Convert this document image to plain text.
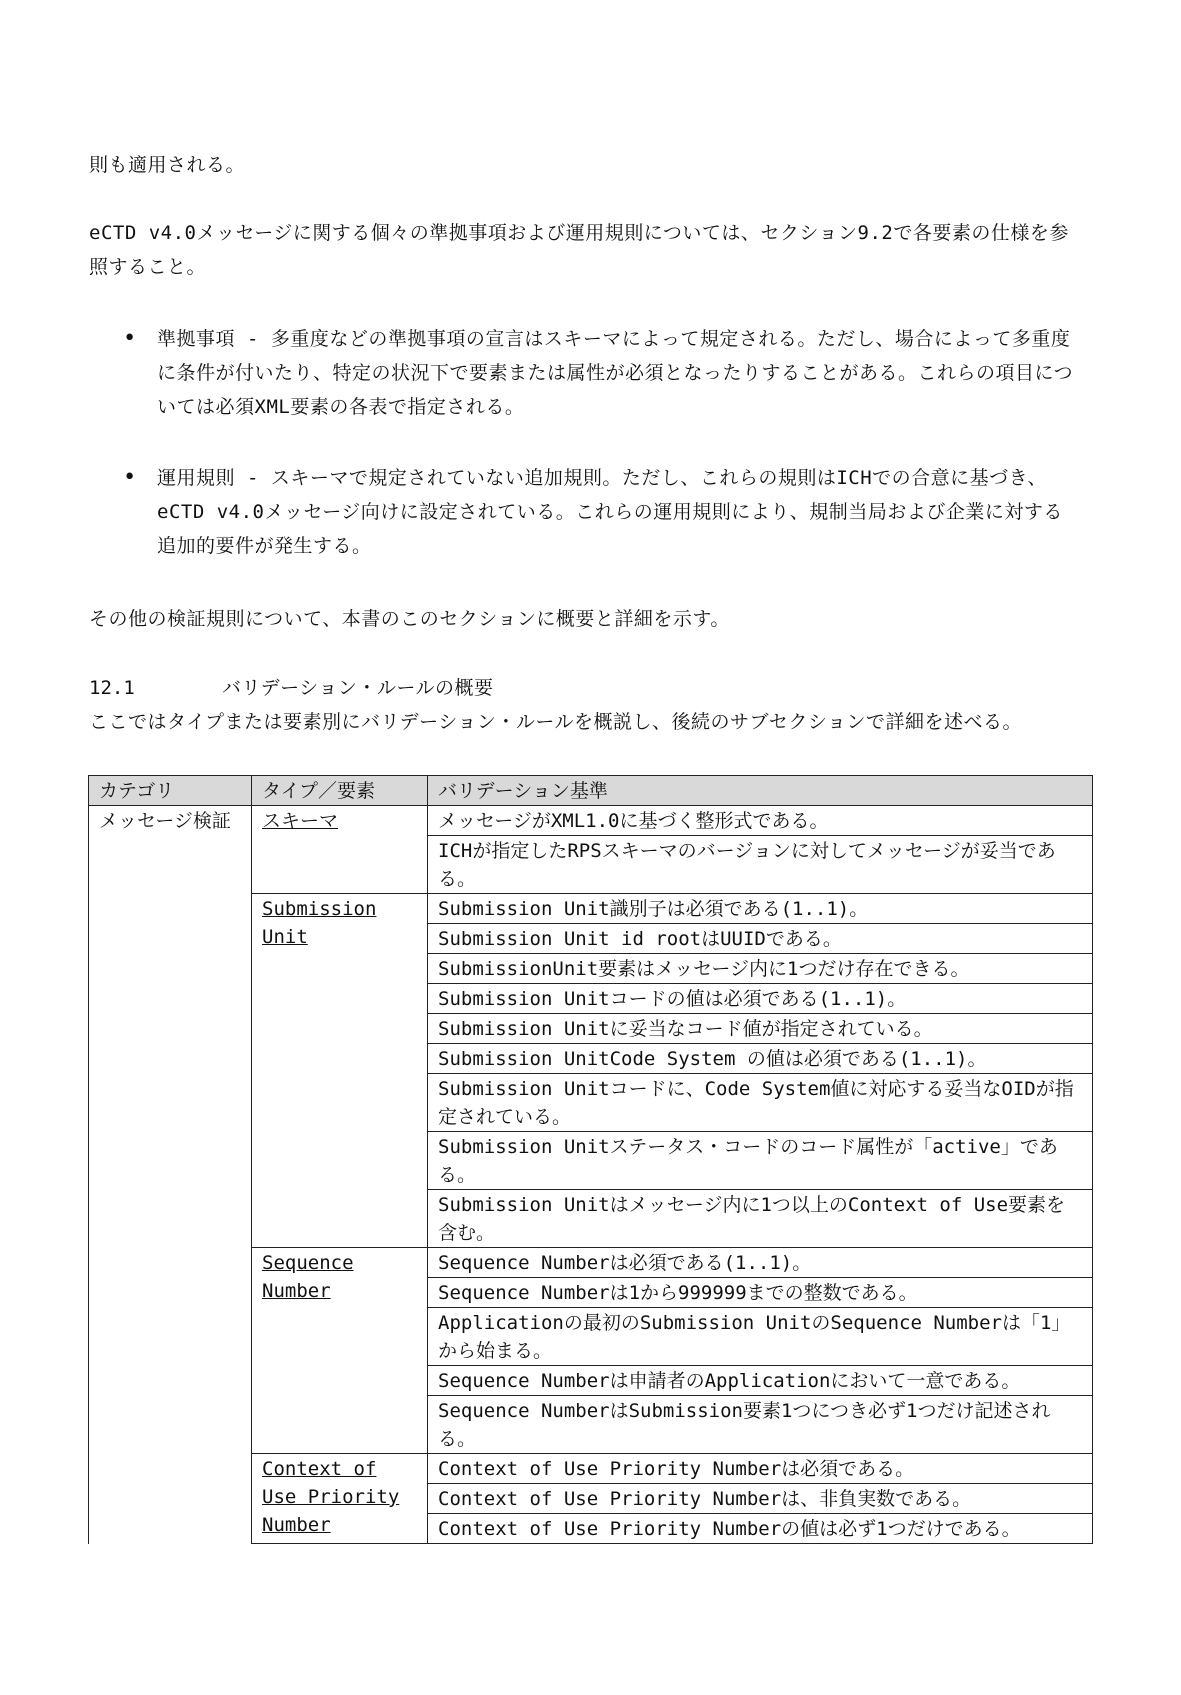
則も適用される。

eCTD v4.0メッセージに関する個々の準拠事項および運用規則については、セクション9.2で各要素の仕様を参照すること。

•	準拠事項 - 多重度などの準拠事項の宣言はスキーマによって規定される。ただし、場合によって多重度に条件が付いたり、特定の状況下で要素または属性が必須となったりすることがある。これらの項目については必須XML要素の各表で指定される。

•	運用規則 - スキーマで規定されていない追加規則。ただし、これらの規則はICHでの合意に基づき、eCTD v4.0メッセージ向けに設定されている。これらの運用規則により、規制当局および企業に対する追加的要件が発生する。

その他の検証規則について、本書のこのセクションに概要と詳細を示す。

12.1	バリデーション・ルールの概要

ここではタイプまたは要素別にバリデーション・ルールを概説し、後続のサブセクションで詳細を述べる。

カテゴリ	タイプ／要素	バリデーション基準
メッセージ検証	スキーマ	メッセージがXML1.0に基づく整形式である。
		ICHが指定したRPSスキーマのバージョンに対してメッセージが妥当である。
	Submission Unit	Submission Unit識別子は必須である(1..1)。
		Submission Unit id rootはUUIDである。
		SubmissionUnit要素はメッセージ内に1つだけ存在できる。
		Submission Unitコードの値は必須である(1..1)。
		Submission Unitに妥当なコード値が指定されている。
		Submission UnitCode System の値は必須である(1..1)。
		Submission Unitコードに、Code System値に対応する妥当なOIDが指定されている。
		Submission Unitステータス・コードのコード属性が「active」である。
		Submission Unitはメッセージ内に1つ以上のContext of Use要素を含む。
	Sequence Number	Sequence Numberは必須である(1..1)。
		Sequence Numberは1から999999までの整数である。
		Applicationの最初のSubmission UnitのSequence Numberは「1」から始まる。
		Sequence Numberは申請者のApplicationにおいて一意である。
		Sequence NumberはSubmission要素1つにつき必ず1つだけ記述される。
	Context of Use Priority Number	Context of Use Priority Numberは必須である。
		Context of Use Priority Numberは、非負実数である。
		Context of Use Priority Numberの値は必ず1つだけである。
